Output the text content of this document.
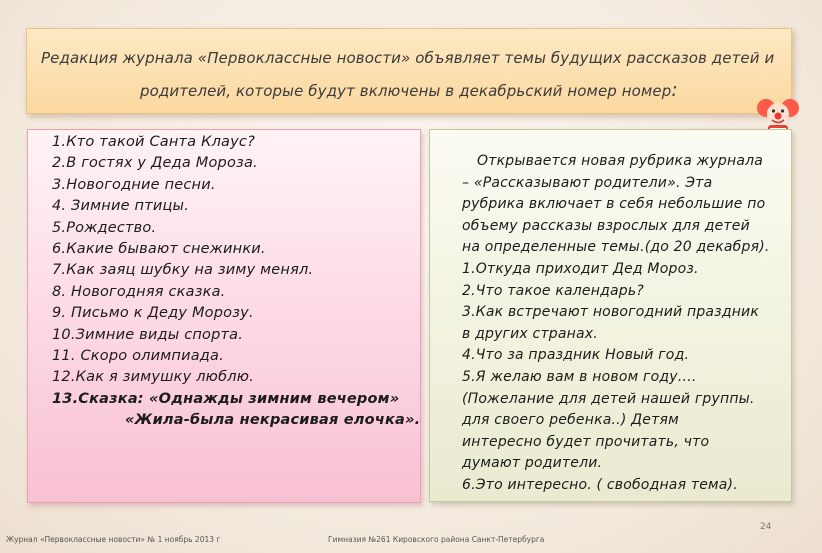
Редакция журнала «Первоклассные новости» объявляет темы будущих рассказов детей и
родителей, которые будут включены в декабрьский номер номер:
1.Кто такой Санта Клаус?
2.В гостях у Деда Мороза.
3.Новогодние песни.
4. Зимние птицы.
5.Рождество.
6.Какие бывают снежинки.
7.Как заяц шубку на зиму менял.
8. Новогодняя сказка.
9. Письмо к Деду Морозу.
10.Зимние виды спорта.
11. Скоро олимпиада.
12.Как я зимушку люблю.
13.Сказка: «Однажды зимним вечером»
«Жила-была некрасивая елочка».
Открывается новая рубрика журнала
– «Рассказывают родители». Эта
рубрика включает в себя небольшие по
объему рассказы взрослых для детей
на определенные темы.(до 20 декабря).
1.Откуда приходит Дед Мороз.
2.Что такое календарь?
3.Как встречают новогодний праздник
в других странах.
4.Что за праздник Новый год.
5.Я желаю вам в новом году….
(Пожелание для детей нашей группы.
для своего ребенка..) Детям
интересно будет прочитать, что
думают родители.
6.Это интересно. ( свободная тема).
24
Журнал «Первоклассные новости» № 1 ноябрь 2013 г	Гимназия №261 Кировского района Санкт-Петербурга
